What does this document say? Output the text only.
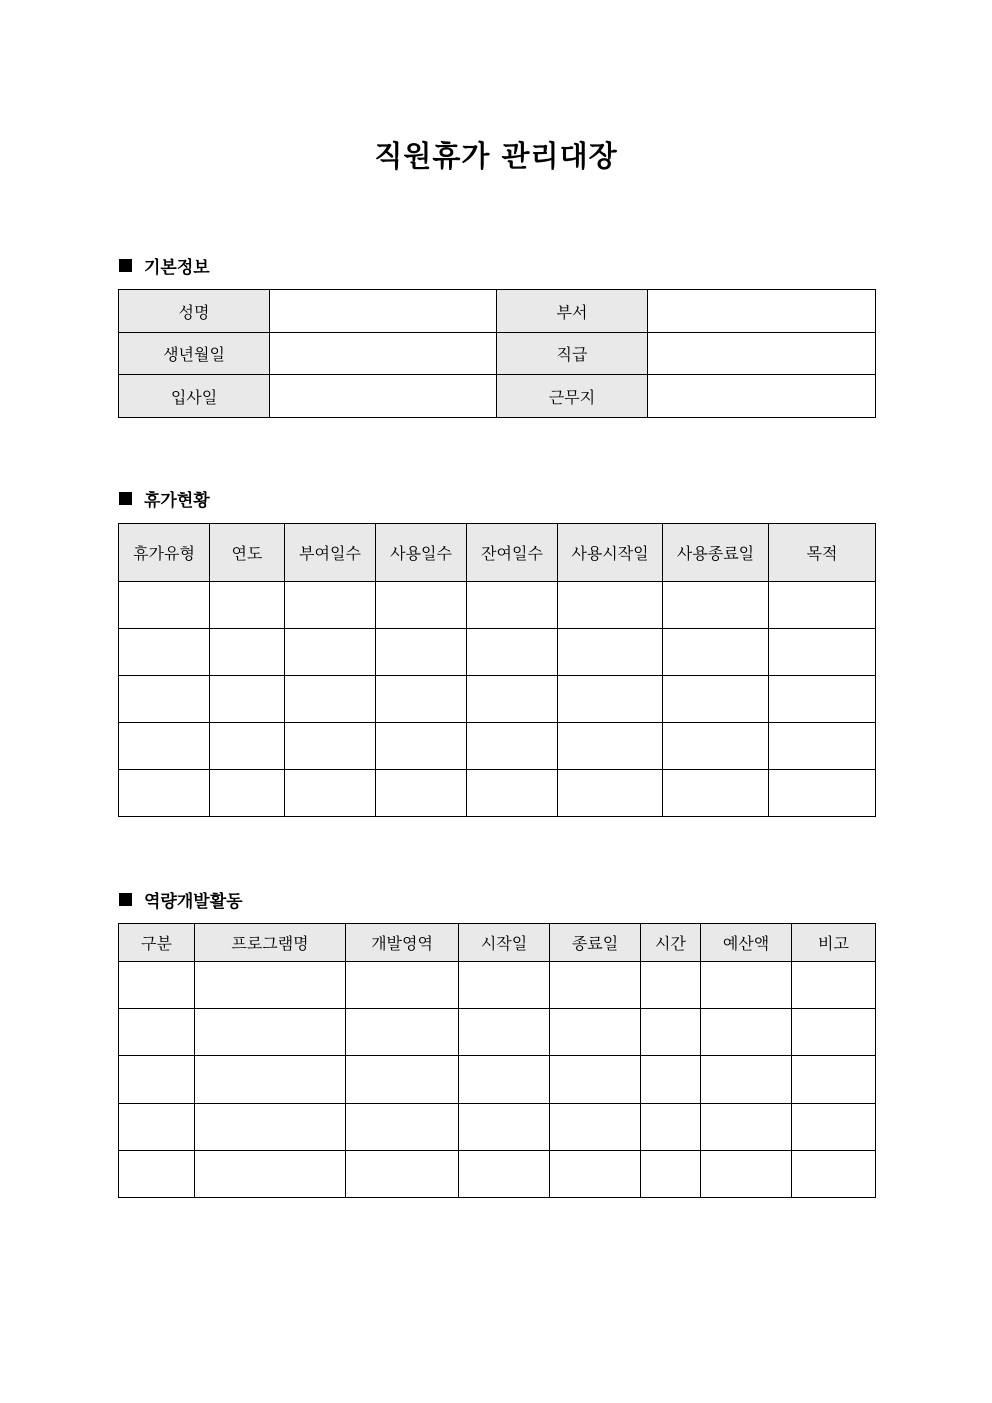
직원휴가 관리대장
기본정보
성명		부서	
생년월일		직급	
입사일		근무지	
휴가현황
휴가유형	연도	부여일수	사용일수	잔여일수	사용시작일	사용종료일	목적

역량개발활동
구분	프로그램명	개발영역	시작일	종료일	시간	예산액	비고
